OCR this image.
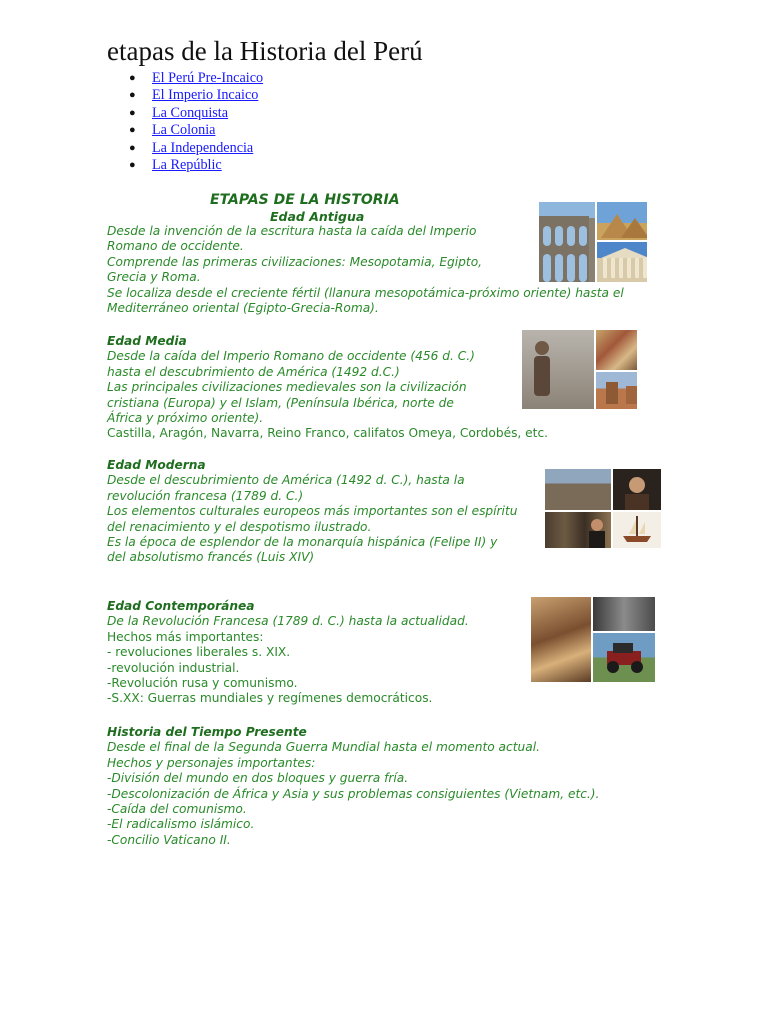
etapas de la Historia del Perú
● El Perú Pre-Incaico
● El Imperio Incaico
● La Conquista
● La Colonia
● La Independencia
● La Repúblic
ETAPAS DE LA HISTORIA
Edad Antigua
Desde la invención de la escritura hasta la caída del Imperio
Romano de occidente.
Comprende las primeras civilizaciones: Mesopotamia, Egipto,
Grecia y Roma.
Se localiza desde el creciente fértil (llanura mesopotámica-próximo oriente) hasta el
Mediterráneo oriental (Egipto-Grecia-Roma).
Edad Media
Desde la caída del Imperio Romano de occidente (456 d. C.)
hasta el descubrimiento de América (1492 d.C.)
Las principales civilizaciones medievales son la civilización
cristiana (Europa) y el Islam, (Península Ibérica, norte de
África y próximo oriente).
Castilla, Aragón, Navarra, Reino Franco, califatos Omeya, Cordobés, etc.
Edad Moderna
Desde el descubrimiento de América (1492 d. C.), hasta la
revolución francesa (1789 d. C.)
Los elementos culturales europeos más importantes son el espíritu
del renacimiento y el despotismo ilustrado.
Es la época de esplendor de la monarquía hispánica (Felipe II) y
del absolutismo francés (Luis XIV)
Edad Contemporánea
De la Revolución Francesa (1789 d. C.) hasta la actualidad.
Hechos más importantes:
- revoluciones liberales s. XIX.
-revolución industrial.
-Revolución rusa y comunismo.
-S.XX: Guerras mundiales y regímenes democráticos.
Historia del Tiempo Presente
Desde el final de la Segunda Guerra Mundial hasta el momento actual.
Hechos y personajes importantes:
-División del mundo en dos bloques y guerra fría.
-Descolonización de África y Asia y sus problemas consiguientes (Vietnam, etc.).
-Caída del comunismo.
-El radicalismo islámico.
-Concilio Vaticano II.
